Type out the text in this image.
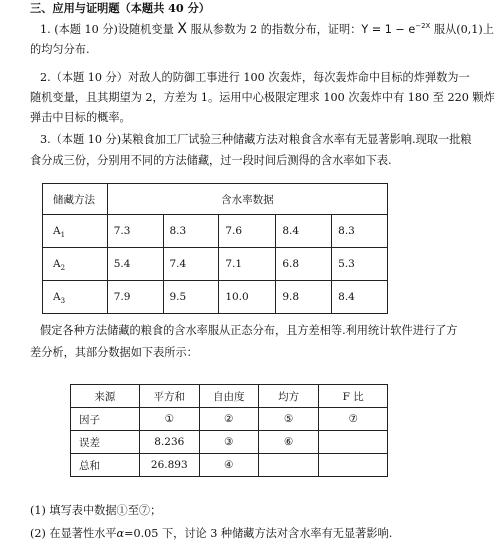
三、应用与证明题（本题共 40 分）
1. (本题 10 分)设随机变量 X 服从参数为 2 的指数分布，证明：$Y = 1 - e^{-2X}$ 服从(0,1)上
的均匀分布.
2.（本题 10 分）对敌人的防御工事进行 100 次轰炸，每次轰炸命中目标的炸弹数为一
随机变量，且其期望为 2，方差为 1。运用中心极限定理求 100 次轰炸中有 180 至 220 颗炸
弹击中目标的概率。
3.（本题 10 分)某粮食加工厂试验三种储藏方法对粮食含水率有无显著影响.现取一批粮
食分成三份，分别用不同的方法储藏，过一段时间后测得的含水率如下表.
储藏方法	含水率数据				
$A_1$	7.3	8.3	7.6	8.4	8.3
$A_2$	5.4	7.4	7.1	6.8	5.3
$A_3$	7.9	9.5	10.0	9.8	8.4
假定各种方法储藏的粮食的含水率服从正态分布，且方差相等.利用统计软件进行了方
差分析，其部分数据如下表所示：
来源	平方和	自由度	均方	F 比
因子	①	②	⑤	⑦
误差	8.236	③	⑥	
总和	26.893	④		
(1) 填写表中数据①至⑦；
(2) 在显著性水平α=0.05 下，讨论 3 种储藏方法对含水率有无显著影响.
